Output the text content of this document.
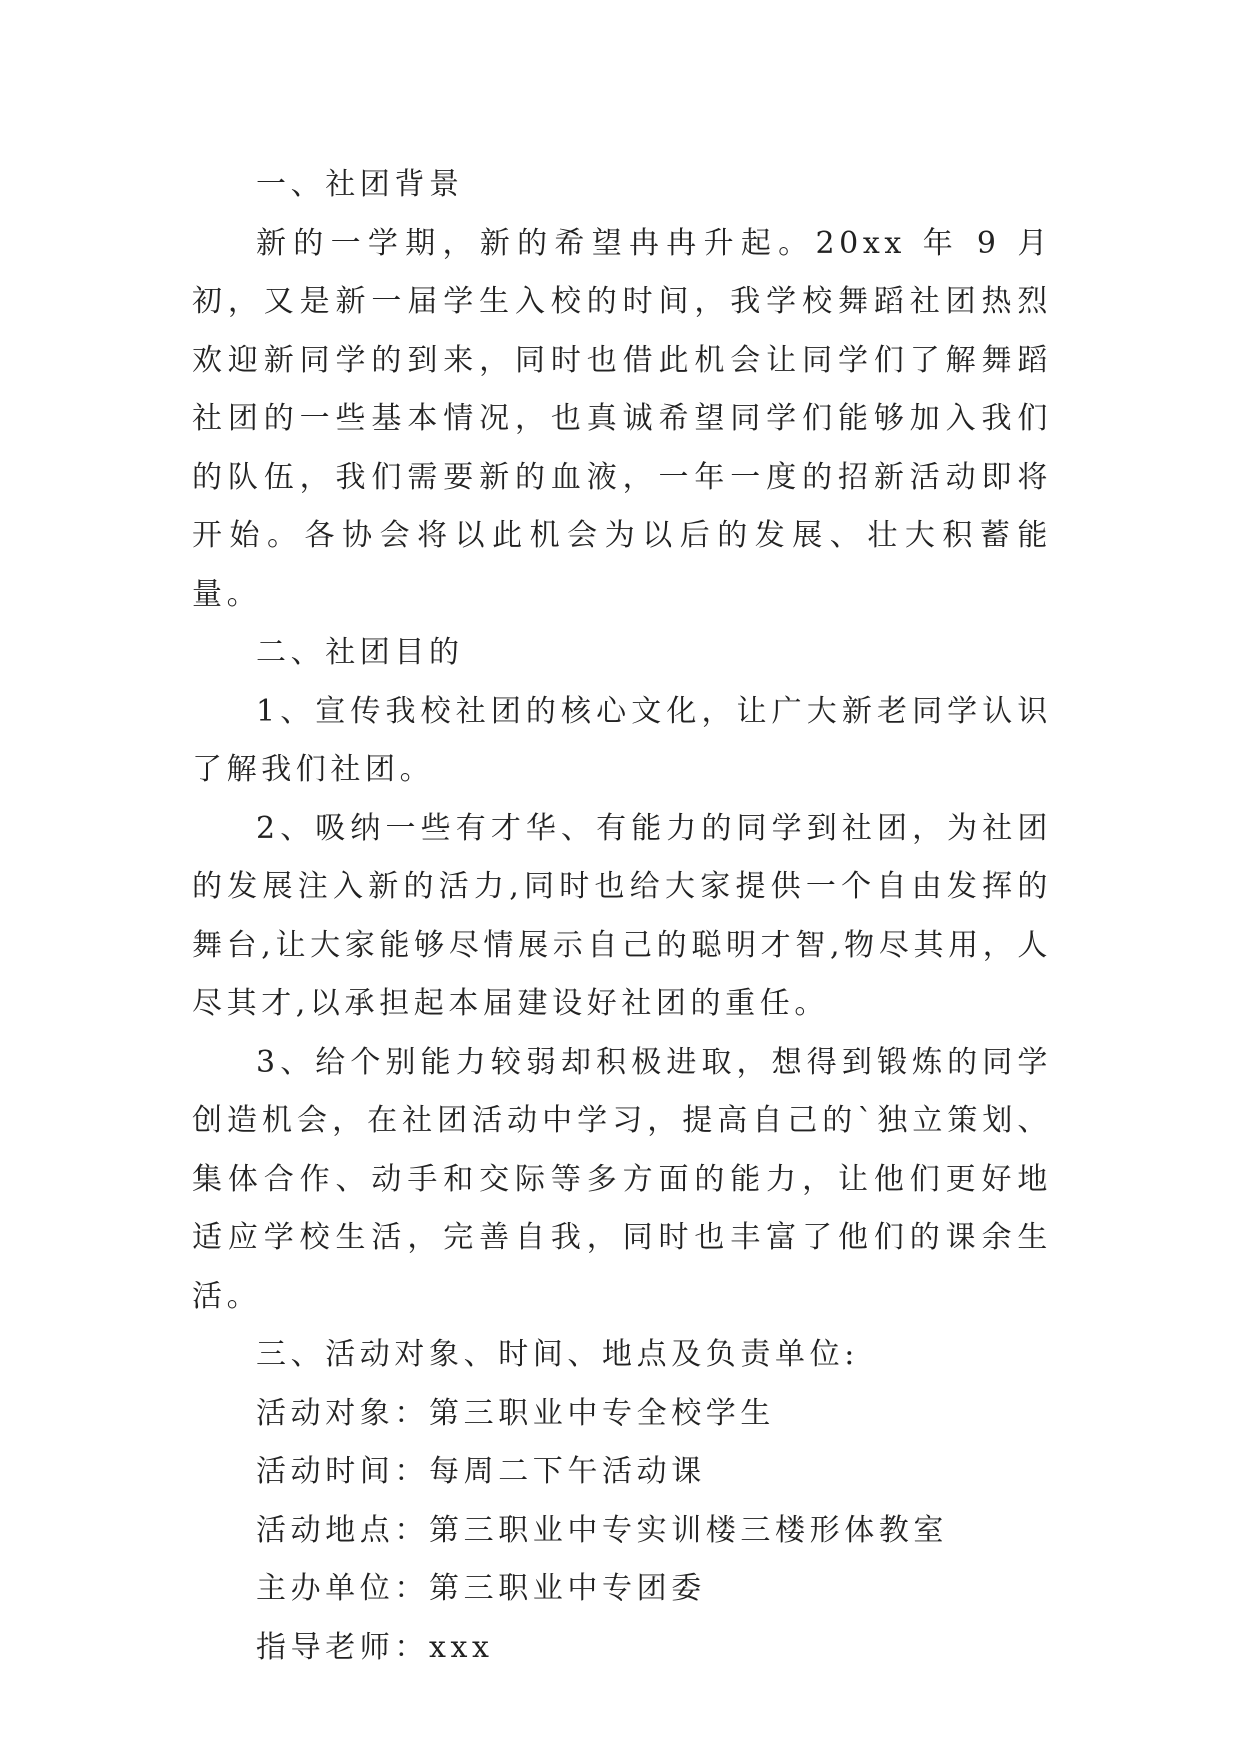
一、社团背景

新的一学期，新的希望冉冉升起。20xx 年 9 月初，又是新一届学生入校的时间，我学校舞蹈社团热烈欢迎新同学的到来，同时也借此机会让同学们了解舞蹈社团的一些基本情况，也真诚希望同学们能够加入我们的队伍，我们需要新的血液，一年一度的招新活动即将开始。各协会将以此机会为以后的发展、壮大积蓄能量。

二、社团目的

1、宣传我校社团的核心文化，让广大新老同学认识了解我们社团。

2、吸纳一些有才华、有能力的同学到社团，为社团的发展注入新的活力,同时也给大家提供一个自由发挥的舞台,让大家能够尽情展示自己的聪明才智,物尽其用，人尽其才,以承担起本届建设好社团的重任。

3、给个别能力较弱却积极进取，想得到锻炼的同学创造机会，在社团活动中学习，提高自己的`独立策划、集体合作、动手和交际等多方面的能力，让他们更好地适应学校生活，完善自我，同时也丰富了他们的课余生活。

三、活动对象、时间、地点及负责单位:

活动对象：第三职业中专全校学生

活动时间：每周二下午活动课

活动地点：第三职业中专实训楼三楼形体教室

主办单位：第三职业中专团委

指导老师：xxx
